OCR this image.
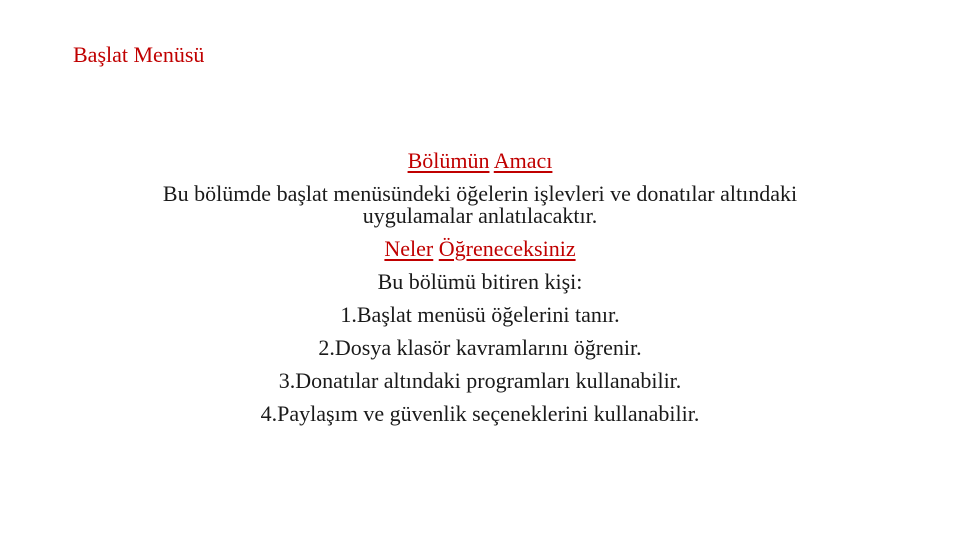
Başlat Menüsü
Bölümün Amacı
Bu bölümde başlat menüsündeki öğelerin işlevleri ve donatılar altındaki
uygulamalar anlatılacaktır.
Neler Öğreneceksiniz
Bu bölümü bitiren kişi:
1.Başlat menüsü öğelerini tanır.
2.Dosya klasör kavramlarını öğrenir.
3.Donatılar altındaki programları kullanabilir.
4.Paylaşım ve güvenlik seçeneklerini kullanabilir.
